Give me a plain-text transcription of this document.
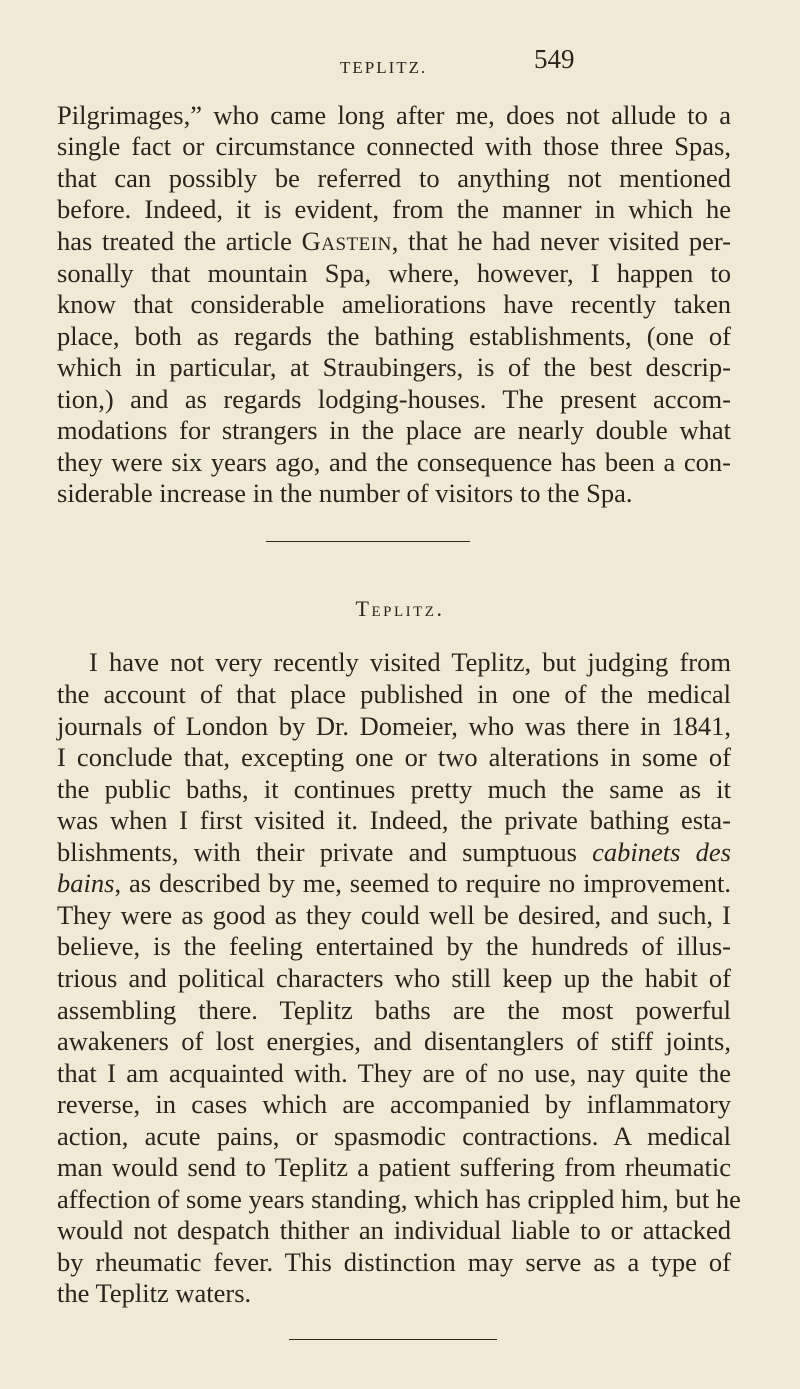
TEPLITZ.	549
Pilgrimages,” who came long after me, does not allude to a
single fact or circumstance connected with those three Spas,
that can possibly be referred to anything not mentioned
before. Indeed, it is evident, from the manner in which he
has treated the article Gastein, that he had never visited per-
sonally that mountain Spa, where, however, I happen to
know that considerable ameliorations have recently taken
place, both as regards the bathing establishments, (one of
which in particular, at Straubingers, is of the best descrip-
tion,) and as regards lodging-houses. The present accom-
modations for strangers in the place are nearly double what
they were six years ago, and the consequence has been a con-
siderable increase in the number of visitors to the Spa.
Teplitz.
I have not very recently visited Teplitz, but judging from
the account of that place published in one of the medical
journals of London by Dr. Domeier, who was there in 1841,
I conclude that, excepting one or two alterations in some of
the public baths, it continues pretty much the same as it
was when I first visited it. Indeed, the private bathing esta-
blishments, with their private and sumptuous cabinets des
bains, as described by me, seemed to require no improvement.
They were as good as they could well be desired, and such, I
believe, is the feeling entertained by the hundreds of illus-
trious and political characters who still keep up the habit of
assembling there. Teplitz baths are the most powerful
awakeners of lost energies, and disentanglers of stiff joints,
that I am acquainted with. They are of no use, nay quite the
reverse, in cases which are accompanied by inflammatory
action, acute pains, or spasmodic contractions. A medical
man would send to Teplitz a patient suffering from rheumatic
affection of some years standing, which has crippled him, but he
would not despatch thither an individual liable to or attacked
by rheumatic fever. This distinction may serve as a type of
the Teplitz waters.
